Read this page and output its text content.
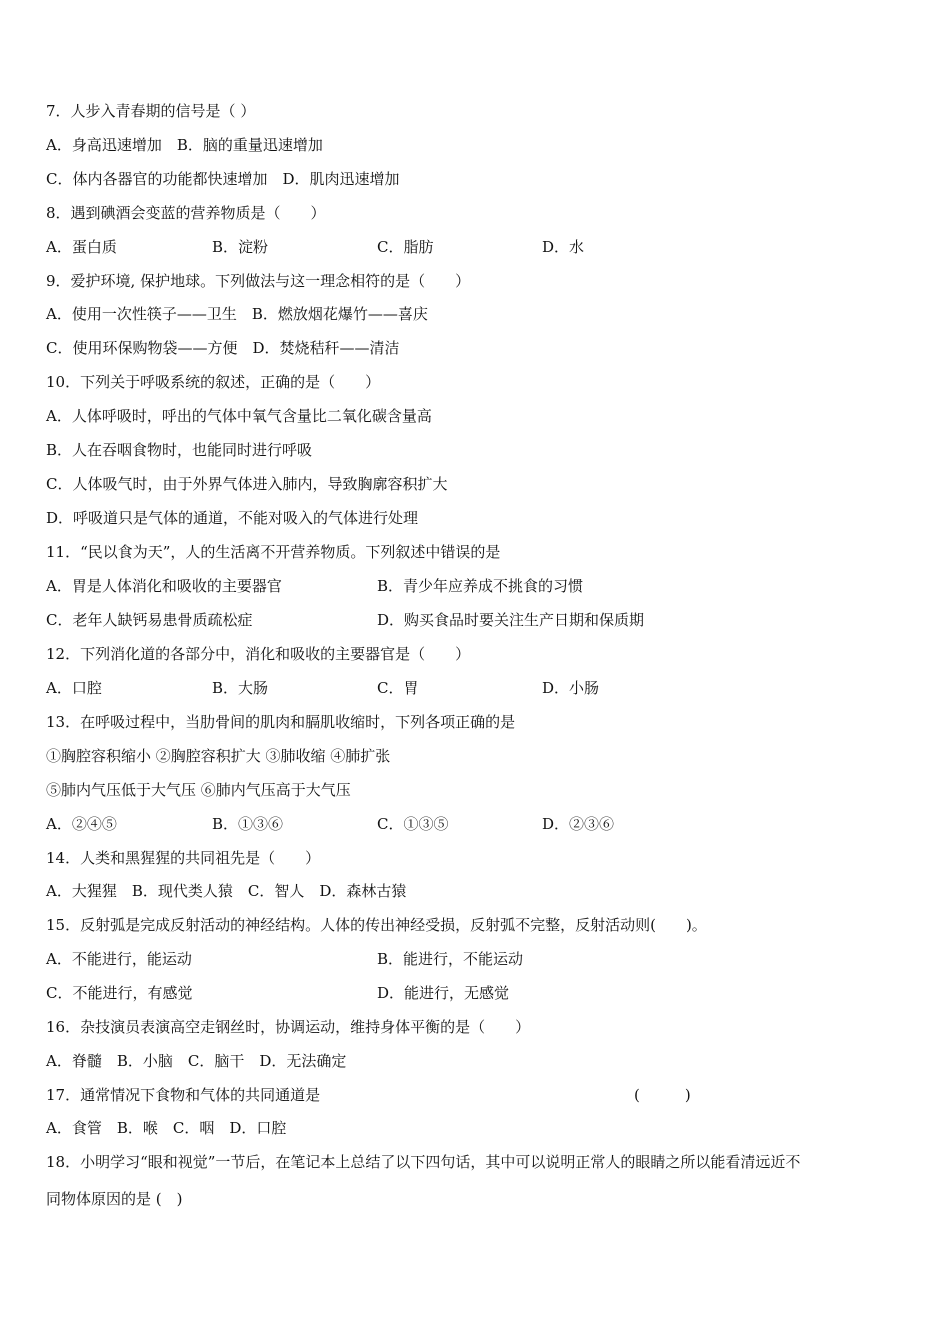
7．人步入青春期的信号是（ ）
A．身高迅速增加　B．脑的重量迅速增加
C．体内各器官的功能都快速增加　D．肌肉迅速增加
8．遇到碘酒会变蓝的营养物质是（　　）
A．蛋白质	B．淀粉	C．脂肪	D．水
9．爱护环境, 保护地球。下列做法与这一理念相符的是（　　）
A．使用一次性筷子——卫生　B．燃放烟花爆竹——喜庆
C．使用环保购物袋——方便　D．焚烧秸秆——清洁
10．下列关于呼吸系统的叙述，正确的是（　　）
A．人体呼吸时，呼出的气体中氧气含量比二氧化碳含量高
B．人在吞咽食物时，也能同时进行呼吸
C．人体吸气时，由于外界气体进入肺内，导致胸廓容积扩大
D．呼吸道只是气体的通道，不能对吸入的气体进行处理
11．“民以食为天”，人的生活离不开营养物质。下列叙述中错误的是
A．胃是人体消化和吸收的主要器官	B．青少年应养成不挑食的习惯
C．老年人缺钙易患骨质疏松症	D．购买食品时要关注生产日期和保质期
12．下列消化道的各部分中，消化和吸收的主要器官是（　　）
A．口腔	B．大肠	C．胃	D．小肠
13．在呼吸过程中，当肋骨间的肌肉和膈肌收缩时，下列各项正确的是
①胸腔容积缩小 ②胸腔容积扩大 ③肺收缩 ④肺扩张
⑤肺内气压低于大气压 ⑥肺内气压高于大气压
A．②④⑤	B．①③⑥	C．①③⑤	D．②③⑥
14．人类和黑猩猩的共同祖先是（　　）
A．大猩猩　B．现代类人猿　C．智人　D．森林古猿
15．反射弧是完成反射活动的神经结构。人体的传出神经受损，反射弧不完整，反射活动则(　　)。
A．不能进行，能运动	B．能进行，不能运动
C．不能进行，有感觉	D．能进行，无感觉
16．杂技演员表演高空走钢丝时，协调运动，维持身体平衡的是（　　）
A．脊髓　B．小脑　C．脑干　D．无法确定
17．通常情况下食物和气体的共同通道是	(　　　)
A．食管　B．喉　C．咽　D．口腔
18．小明学习“眼和视觉”一节后，在笔记本上总结了以下四句话，其中可以说明正常人的眼睛之所以能看清远近不
同物体原因的是 (　)
